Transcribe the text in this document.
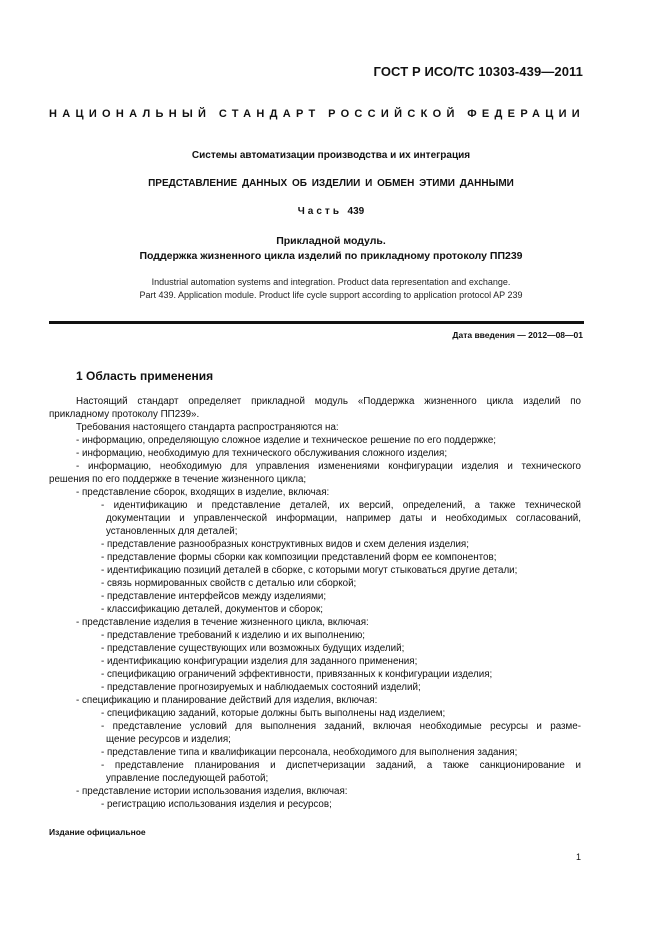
ГОСТ Р ИСО/ТС 10303-439—2011
НАЦИОНАЛЬНЫЙ СТАНДАРТ РОССИЙСКОЙ ФЕДЕРАЦИИ
Системы автоматизации производства и их интеграция
ПРЕДСТАВЛЕНИЕ ДАННЫХ ОБ ИЗДЕЛИИ И ОБМЕН ЭТИМИ ДАННЫМИ
Часть 439
Прикладной модуль.
Поддержка жизненного цикла изделий по прикладному протоколу ПП239
Industrial automation systems and integration. Product data representation and exchange.
Part 439. Application module. Product life cycle support according to application protocol AP 239
Дата введения — 2012—08—01
1 Область применения
Настоящий стандарт определяет прикладной модуль «Поддержка жизненного цикла изделий по
прикладному протоколу ПП239».
Требования настоящего стандарта распространяются на:
- информацию, определяющую сложное изделие и техническое решение по его поддержке;
- информацию, необходимую для технического обслуживания сложного изделия;
- информацию, необходимую для управления изменениями конфигурации изделия и технического
решения по его поддержке в течение жизненного цикла;
- представление сборок, входящих в изделие, включая:
- идентификацию и представление деталей, их версий, определений, а также технической
документации и управленческой информации, например даты и необходимых согласований,
установленных для деталей;
- представление разнообразных конструктивных видов и схем деления изделия;
- представление формы сборки как композиции представлений форм ее компонентов;
- идентификацию позиций деталей в сборке, с которыми могут стыковаться другие детали;
- связь нормированных свойств с деталью или сборкой;
- представление интерфейсов между изделиями;
- классификацию деталей, документов и сборок;
- представление изделия в течение жизненного цикла, включая:
- представление требований к изделию и их выполнению;
- представление существующих или возможных будущих изделий;
- идентификацию конфигурации изделия для заданного применения;
- спецификацию ограничений эффективности, привязанных к конфигурации изделия;
- представление прогнозируемых и наблюдаемых состояний изделий;
- спецификацию и планирование действий для изделия, включая:
- спецификацию заданий, которые должны быть выполнены над изделием;
- представление условий для выполнения заданий, включая необходимые ресурсы и разме-
щение ресурсов и изделия;
- представление типа и квалификации персонала, необходимого для выполнения задания;
- представление планирования и диспетчеризации заданий, а также санкционирование и
управление последующей работой;
- представление истории использования изделия, включая:
- регистрацию использования изделия и ресурсов;
Издание официальное
1
